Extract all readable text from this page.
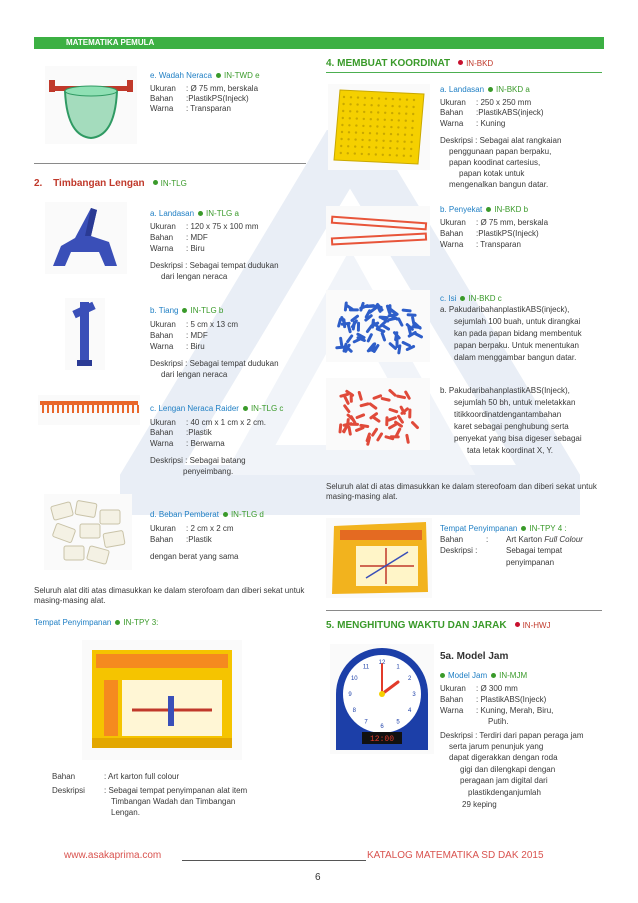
MATEMATIKA PEMULA
e. Wadah Neraca IN-TWD e
Ukuran : Ø 75 mm, berskala
Bahan :PlastikPS(Injeck)
Warna : Transparan
2. Timbangan Lengan IN-TLG
a. Landasan IN-TLG a
Ukuran : 120 x 75 x 100 mm
Bahan : MDF
Warna : Biru
Deskripsi : Sebagai tempat dudukan
dari lengan neraca
b. Tiang IN-TLG b
Ukuran : 5 cm x 13 cm
Bahan : MDF
Warna : Biru
Deskripsi : Sebagai tempat dudukan
dari lengan neraca
c. Lengan Neraca Raider IN-TLG c
Ukuran : 40 cm x 1 cm x 2 cm.
Bahan :Plastik
Warna : Berwarna
Deskripsi : Sebagai batang
penyeimbang.
d. Beban Pemberat IN-TLG d
Ukuran : 2 cm x 2 cm
Bahan :Plastik
dengan berat yang sama
Seluruh alat diti atas dimasukkan ke dalam sterofoam dan diberi sekat untuk masing-masing alat.
Tempat Penyimpanan IN-TPY 3:
Bahan	: Art karton full colour
Deskripsi : Sebagai tempat penyimpanan alat item
Timbangan Wadah dan Timbangan
Lengan.
4. MEMBUAT KOORDINAT IN-BKD
a. Landasan IN-BKD a
Ukuran : 250 x 250 mm
Bahan :PlastikABS(injeck)
Warna : Kuning
Deskripsi : Sebagai alat rangkaian
penggunaan papan berpaku,
papan koodinat cartesius,
papan kotak untuk
mengenalkan bangun datar.
b. Penyekat IN-BKD b
Ukuran : Ø 75 mm, berskala
Bahan :PlastikPS(Injeck)
Warna : Transparan
c. Isi IN-BKD c
a. PakudaribahanplastikABS(injeck),
sejumlah 100 buah, untuk dirangkai
kan pada papan bidang membentuk
papan berpaku. Untuk menentukan
dalam menggambar bangun datar.
b. PakudaribahanplastikABS(Injeck),
sejumlah 50 bh, untuk meletakkan
titikkoordinatdengantambahan
karet sebagai penghubung serta
penyekat yang bisa digeser sebagai
tata letak koordinat X, Y.
Seluruh alat di atas dimasukkan ke dalam stereofoam dan diberi sekat untuk masing-masing alat.
Tempat Penyimpanan IN-TPY 4 :
Bahan	: Art Karton Full Colour
Deskripsi :	Sebagai tempat
penyimpanan
5. MENGHITUNG WAKTU DAN JARAK IN-HWJ
12
1
2
3
4
5
6
7
8
9
10
11
12:00
5a. Model Jam
Model Jam IN-MJM
Ukuran : Ø 300 mm
Bahan : PlastikABS(Injeck)
Warna : Kuning, Merah, Biru,
Putih.
Deskripsi : Terdiri dari papan peraga jam
serta jarum penunjuk yang
dapat digerakkan dengan roda
gigi dan dilengkapi dengan
peragaan jam digital dari
plastikdenganjumlah
29 keping
www.asakaprima.com	KATALOG MATEMATIKA SD DAK 2015
6
